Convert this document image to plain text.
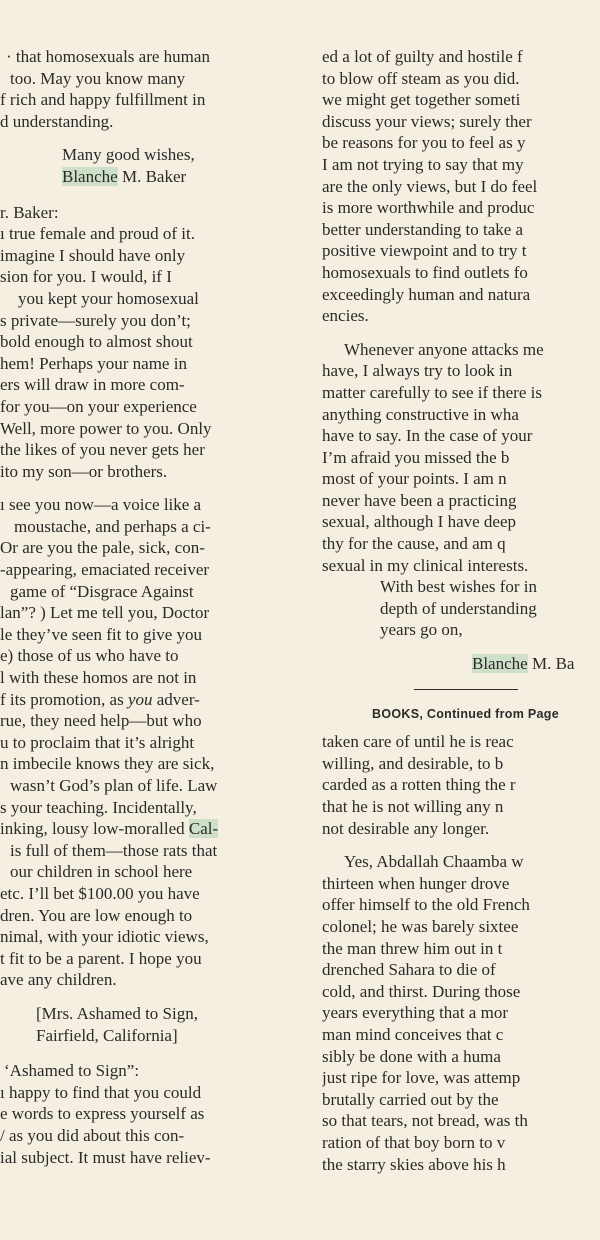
· that homosexuals are human
too. May you know many
f rich and happy fulfillment in
d understanding.
Many good wishes,
Blanche M. Baker
r. Baker:
ı true female and proud of it.
imagine I should have only
sion for you. I would, if I
you kept your homosexual
s private—surely you don’t;
bold enough to almost shout
hem! Perhaps your name in
ers will draw in more com-
for you—on your experience
Well, more power to you. Only
the likes of you never gets her
ito my son—or brothers.
ı see you now—a voice like a
moustache, and perhaps a ci-
Or are you the pale, sick, con-
-appearing, emaciated receiver
game of “Disgrace Against
lan”? ) Let me tell you, Doctor
le they’ve seen fit to give you
e) those of us who have to
l with these homos are not in
f its promotion, as you adver-
rue, they need help—but who
u to proclaim that it’s alright
n imbecile knows they are sick,
wasn’t God’s plan of life. Law
s your teaching. Incidentally,
inking, lousy low-moralled Cal-
is full of them—those rats that
our children in school here
etc. I’ll bet $100.00 you have
dren. You are low enough to
nimal, with your idiotic views,
t fit to be a parent. I hope you
ave any children.
[Mrs. Ashamed to Sign,
Fairfield, California]
‘Ashamed to Sign”:
ı happy to find that you could
e words to express yourself as
/ as you did about this con-
ial subject. It must have reliev-
ed a lot of guilty and hostile f
to blow off steam as you did.
we might get together someti
discuss your views; surely ther
be reasons for you to feel as y
I am not trying to say that my
are the only views, but I do feel
is more worthwhile and produc
better understanding to take a
positive viewpoint and to try t
homosexuals to find outlets fo
exceedingly human and natura
encies.
Whenever anyone attacks me
have, I always try to look in
matter carefully to see if there is
anything constructive in wha
have to say. In the case of your
I’m afraid you missed the b
most of your points. I am n
never have been a practicing
sexual, although I have deep
thy for the cause, and am q
sexual in my clinical interests.
With best wishes for in
depth of understanding
years go on,
Blanche M. Ba
BOOKS, Continued from Page
taken care of until he is reac
willing, and desirable, to b
carded as a rotten thing the r
that he is not willing any n
not desirable any longer.
Yes, Abdallah Chaamba w
thirteen when hunger drove
offer himself to the old French
colonel; he was barely sixtee
the man threw him out in t
drenched Sahara to die of
cold, and thirst. During those
years everything that a mor
man mind conceives that c
sibly be done with a huma
just ripe for love, was attemp
brutally carried out by the
so that tears, not bread, was th
ration of that boy born to v
the starry skies above his h
